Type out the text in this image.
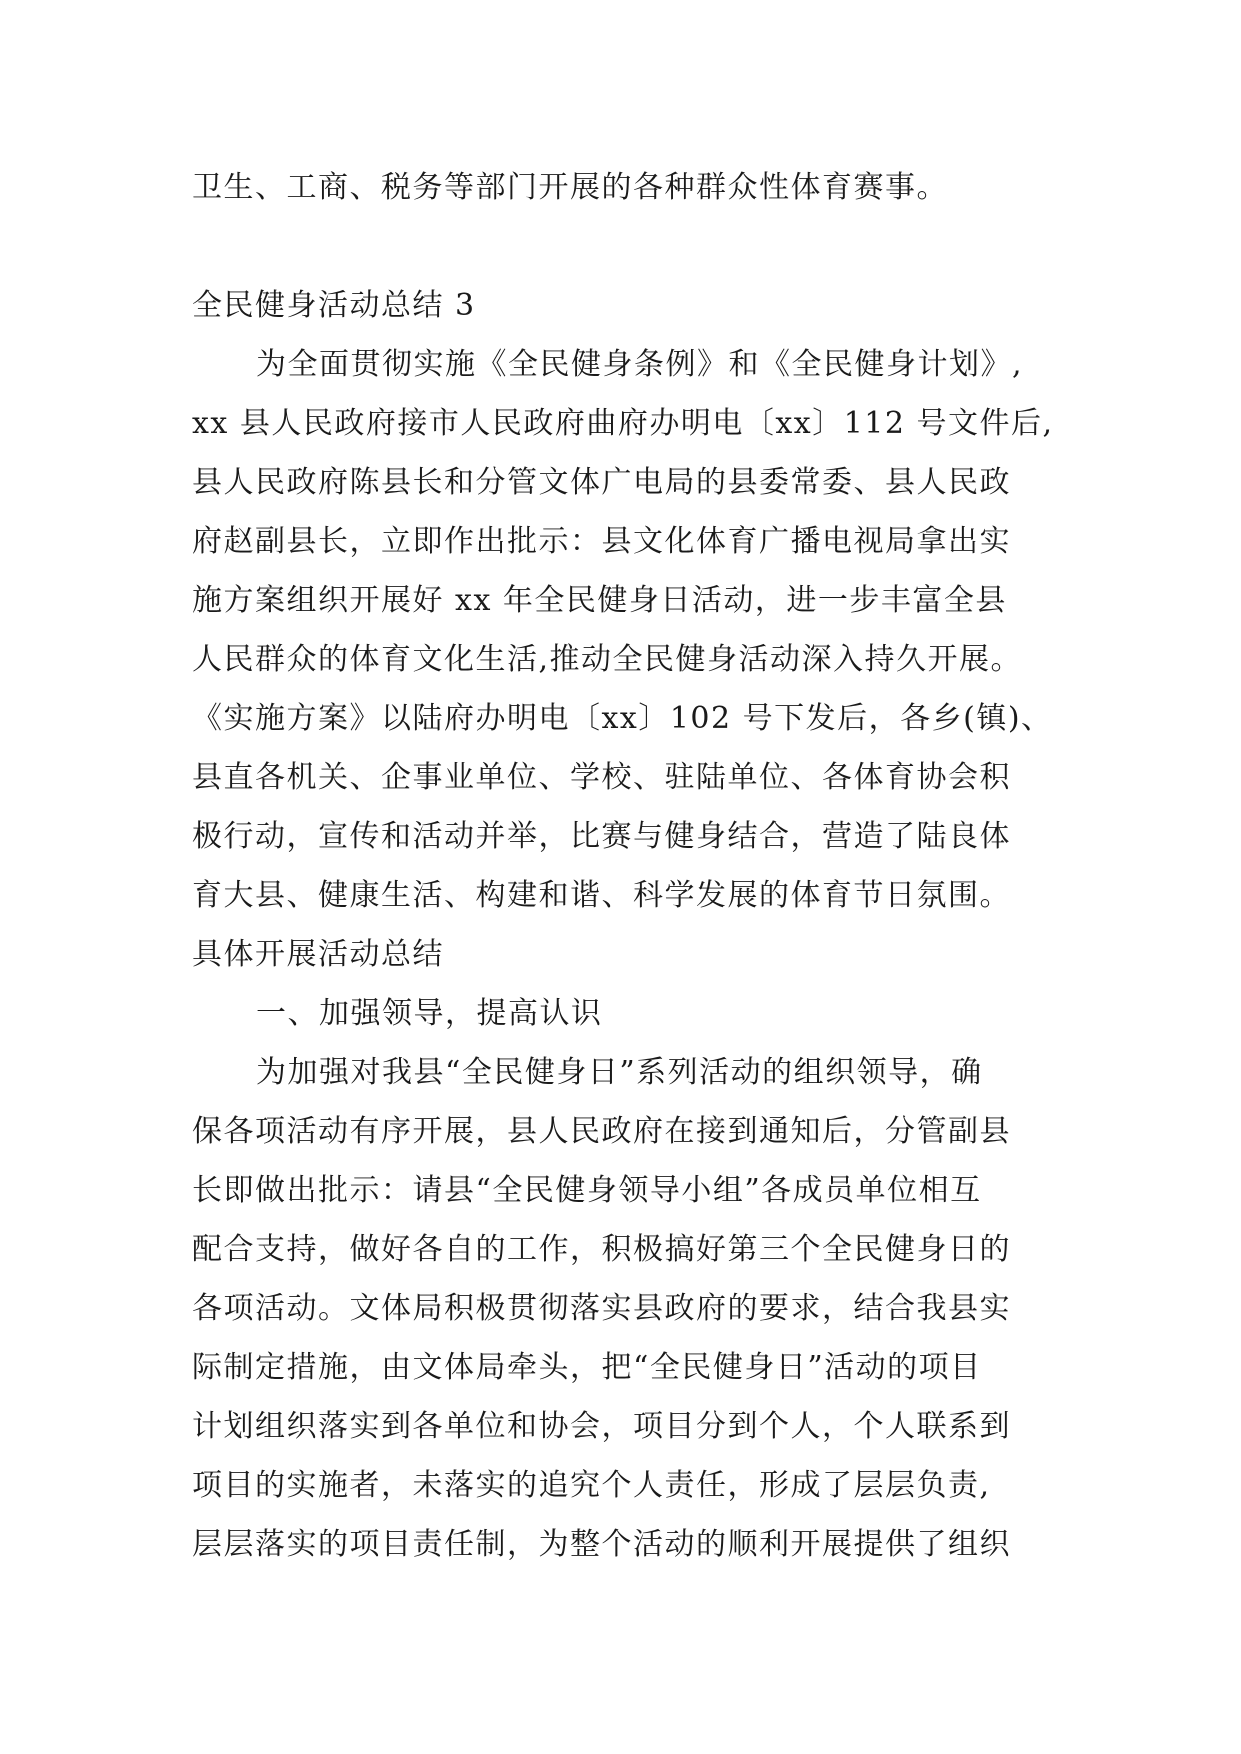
卫生、工商、税务等部门开展的各种群众性体育赛事。
全民健身活动总结 3
为全面贯彻实施《全民健身条例》和《全民健身计划》,
xx 县人民政府接市人民政府曲府办明电〔xx〕112 号文件后,
县人民政府陈县长和分管文体广电局的县委常委、县人民政
府赵副县长，立即作出批示：县文化体育广播电视局拿出实
施方案组织开展好 xx 年全民健身日活动，进一步丰富全县
人民群众的体育文化生活,推动全民健身活动深入持久开展。
《实施方案》以陆府办明电〔xx〕102 号下发后，各乡(镇)、
县直各机关、企事业单位、学校、驻陆单位、各体育协会积
极行动，宣传和活动并举，比赛与健身结合，营造了陆良体
育大县、健康生活、构建和谐、科学发展的体育节日氛围。
具体开展活动总结
一、加强领导，提高认识
为加强对我县“全民健身日”系列活动的组织领导，确
保各项活动有序开展，县人民政府在接到通知后，分管副县
长即做出批示：请县“全民健身领导小组”各成员单位相互
配合支持，做好各自的工作，积极搞好第三个全民健身日的
各项活动。文体局积极贯彻落实县政府的要求，结合我县实
际制定措施，由文体局牵头，把“全民健身日”活动的项目
计划组织落实到各单位和协会，项目分到个人，个人联系到
项目的实施者，未落实的追究个人责任，形成了层层负责,
层层落实的项目责任制，为整个活动的顺利开展提供了组织
